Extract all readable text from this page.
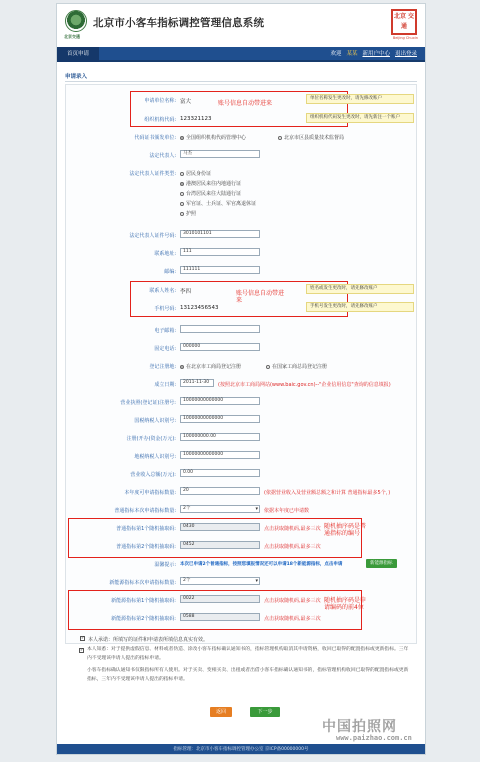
北京交通
北京市小客车指标调控管理信息系统
北京 交通
Beijing Chuxin
首页申请	欢迎 某某 新用户中心 退出登录
申请录入
申请单位名称: 富大
组织机构代码: 123321123
账号信息自动带进来
单位名称发生更改时，请先修改账户
组织机构代码发生更改时，请先新注一个账户
代码证书颁发单位: 全国组织机构代码管理中心	北京市区县质量技术监督局
法定代表人:	马杰
法定代表人证件类型: 居民身份证
港澳居民来往内地通行证
台湾居民来往大陆通行证
军官证、士兵证、军官离退休证
护照
法定代表人证件号码:	3010101101
联系地址:	111
邮编:	111111
联系人姓名: 李四
手机号码: 13123456543
账号信息自动带进来
姓名或发生更改时，请先修改账户
手机号发生更改时，请先修改账户
电子邮箱:
固定电话:	000000
登记注册地: 在北京市工商局登记注册	在国家工商总局登记注册
成立日期:	2011-11-30	(按照北京市工商局网站(www.baic.gov.cn)--"企业信用信息"查询的信息填报)
营业执照(登记证)注册号:	10000000000000
国税纳税人识别号:	10000000000000
注册(开办)资金(万元):	100000000.00
地税纳税人识别号:	10000000000000
营业收入总额(万元):	0.00
本年度可申请指标数量:	20	(依据营业收入及营业额总额之和计算 普通指标最多5个，)
普通指标本次申请指标数量:	2个 ▾	依据本年度已申请数
普通指标第1个随机抽取码:	0430	点击获取随机码,最多三次
普通指标第2个随机抽取码:	0452	点击获取随机码,最多三次
随机抽序码是普通指标的编号
温馨提示: 本次已申请2个普通指标，按照您填报情况还可以申请18个新能源指标，点击申请	新能源指标
新能源指标本次申请指标数量:	2个 ▾
新能源指标第1个随机抽取码:	0022	点击获取随机码,最多三次
新能源指标第2个随机抽取码:	0588	点击获取随机码,最多三次
随机抽序码是申请编码的前4位
✓ 本人承诺：所填写的证件和申请表所填信息真实有效。
✓ 本人知悉：对于提供虚假信息、材料或者伪造、涂改小客车指标确认通知书的，指标管理机构取消其申请资格，收回已取得的配置指标或更新指标。三年内不受理该申请人提出的指标申请。
小客车指标确认通知书仅限指标所有人使用。对于买卖、变相买卖、出租或者出借小客车指标确认通知书的，指标管理机构收回已取得的配置指标或更新指标，三年内不受理该申请人提出的指标申请。
返回	下一步
指标管理：北京市小客车指标调控管理办公室 京ICP备00000000号
中国拍照网
www.paizhao.com.cn
